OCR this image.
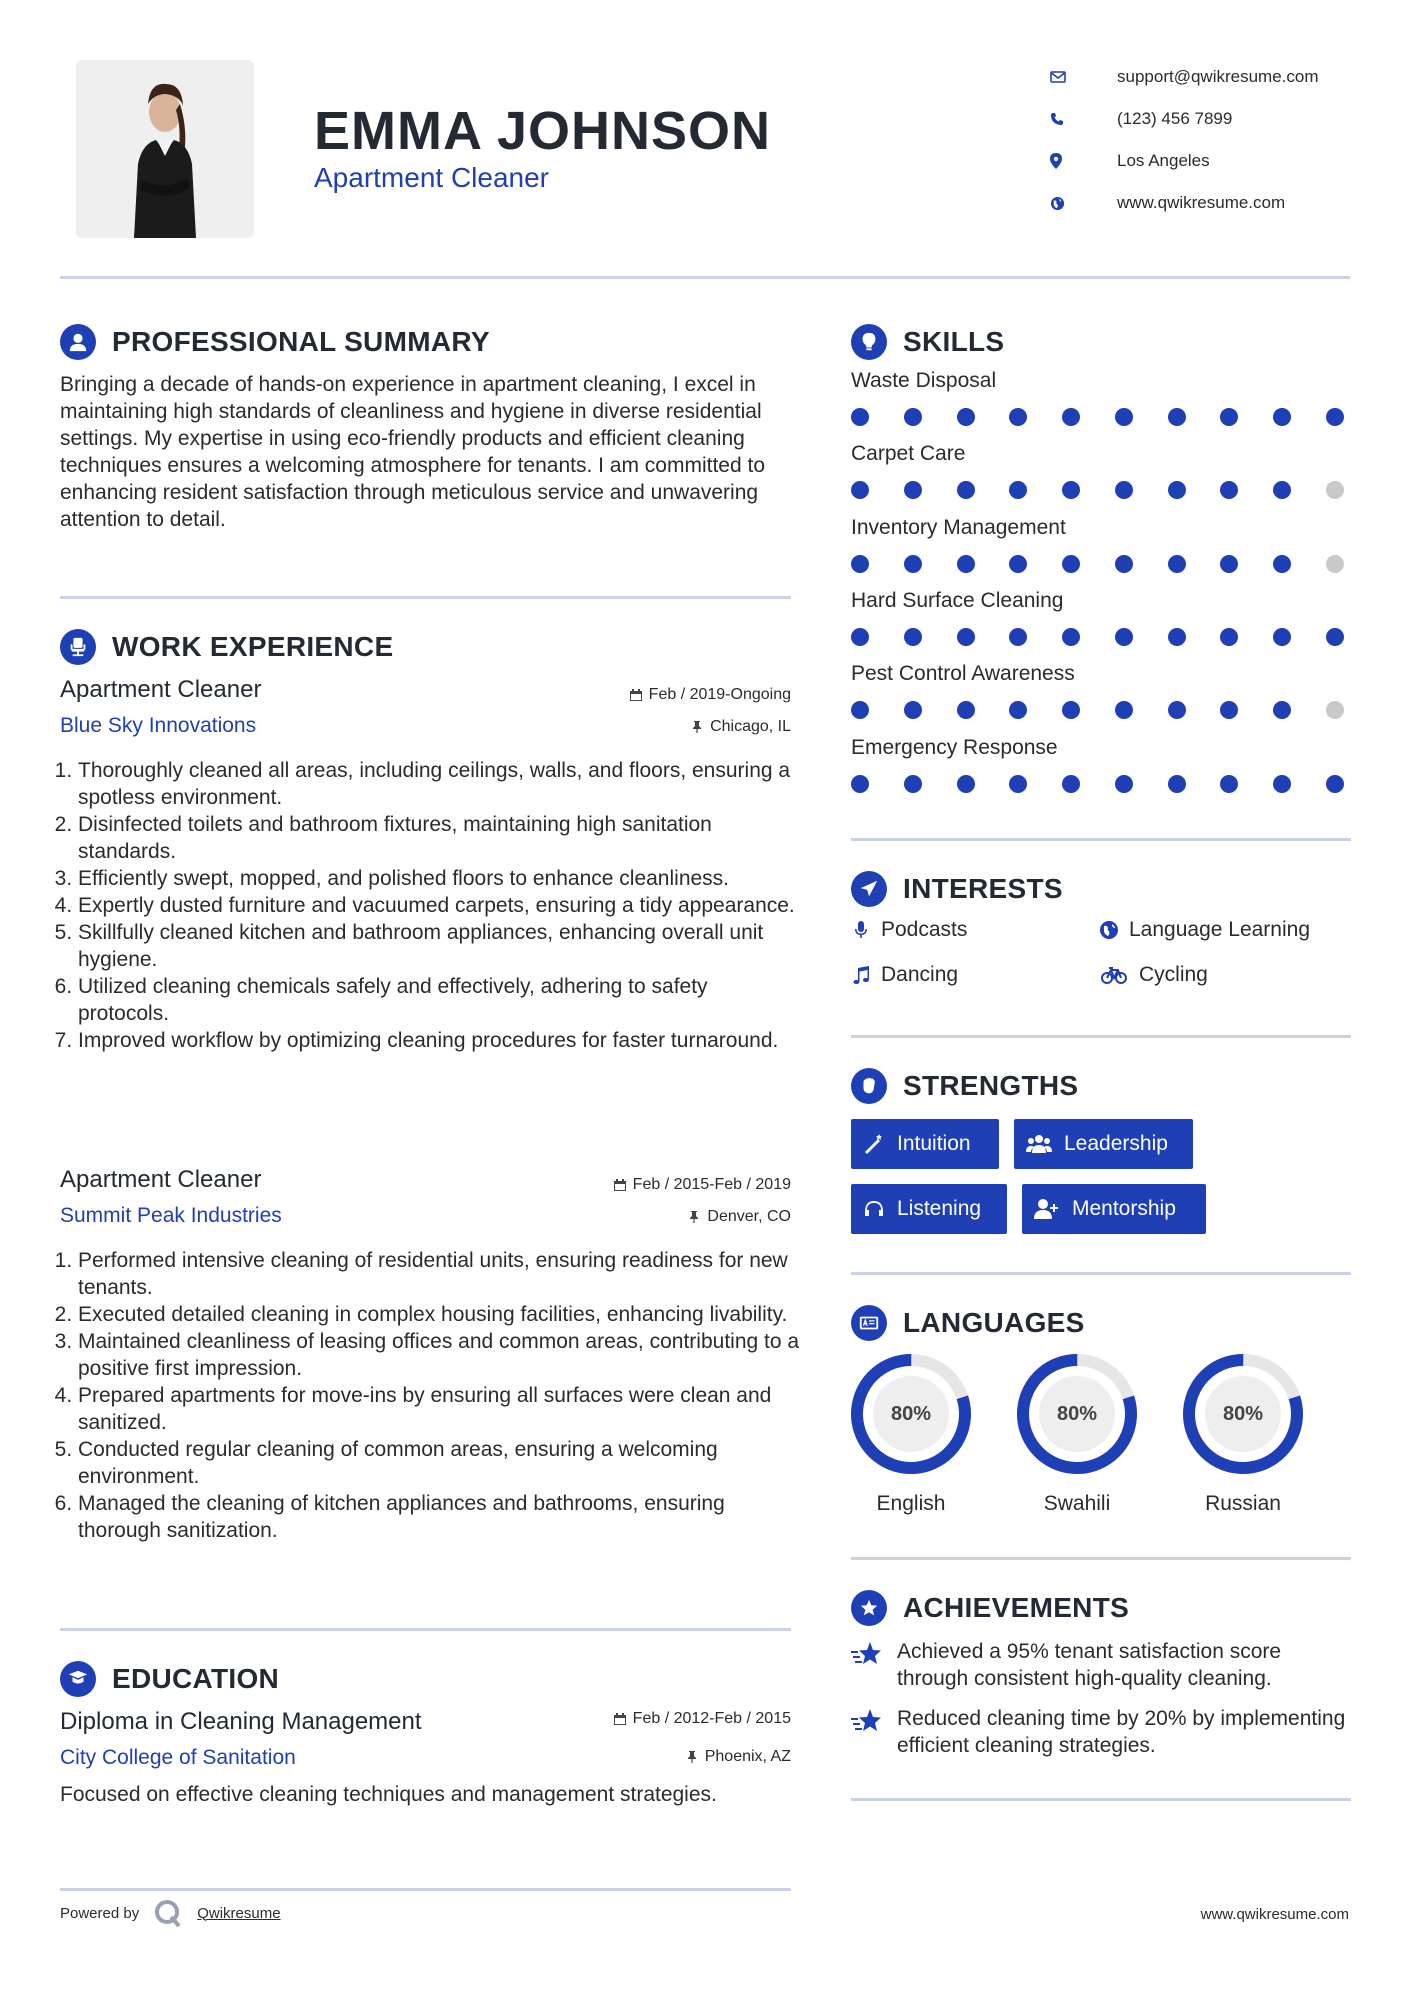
EMMA JOHNSON
Apartment Cleaner
support@qwikresume.com
(123) 456 7899
Los Angeles
www.qwikresume.com
PROFESSIONAL SUMMARY
Bringing a decade of hands-on experience in apartment cleaning, I excel in maintaining high standards of cleanliness and hygiene in diverse residential settings. My expertise in using eco-friendly products and efficient cleaning techniques ensures a welcoming atmosphere for tenants. I am committed to enhancing resident satisfaction through meticulous service and unwavering attention to detail.
WORK EXPERIENCE
Apartment Cleaner
Blue Sky Innovations
Feb / 2019-Ongoing
Chicago, IL
1. Thoroughly cleaned all areas, including ceilings, walls, and floors, ensuring a spotless environment.
2. Disinfected toilets and bathroom fixtures, maintaining high sanitation standards.
3. Efficiently swept, mopped, and polished floors to enhance cleanliness.
4. Expertly dusted furniture and vacuumed carpets, ensuring a tidy appearance.
5. Skillfully cleaned kitchen and bathroom appliances, enhancing overall unit hygiene.
6. Utilized cleaning chemicals safely and effectively, adhering to safety protocols.
7. Improved workflow by optimizing cleaning procedures for faster turnaround.
Apartment Cleaner
Summit Peak Industries
Feb / 2015-Feb / 2019
Denver, CO
1. Performed intensive cleaning of residential units, ensuring readiness for new tenants.
2. Executed detailed cleaning in complex housing facilities, enhancing livability.
3. Maintained cleanliness of leasing offices and common areas, contributing to a positive first impression.
4. Prepared apartments for move-ins by ensuring all surfaces were clean and sanitized.
5. Conducted regular cleaning of common areas, ensuring a welcoming environment.
6. Managed the cleaning of kitchen appliances and bathrooms, ensuring thorough sanitization.
EDUCATION
Diploma in Cleaning Management
City College of Sanitation
Feb / 2012-Feb / 2015
Phoenix, AZ
Focused on effective cleaning techniques and management strategies.
SKILLS
Waste Disposal
Carpet Care
Inventory Management
Hard Surface Cleaning
Pest Control Awareness
Emergency Response
INTERESTS
Podcasts	Language Learning
Dancing	Cycling
STRENGTHS
Intuition	Leadership
Listening	Mentorship
LANGUAGES
80%
English
80%
Swahili
80%
Russian
ACHIEVEMENTS
Achieved a 95% tenant satisfaction score through consistent high-quality cleaning.
Reduced cleaning time by 20% by implementing efficient cleaning strategies.
Powered by	Qwikresume	www.qwikresume.com
